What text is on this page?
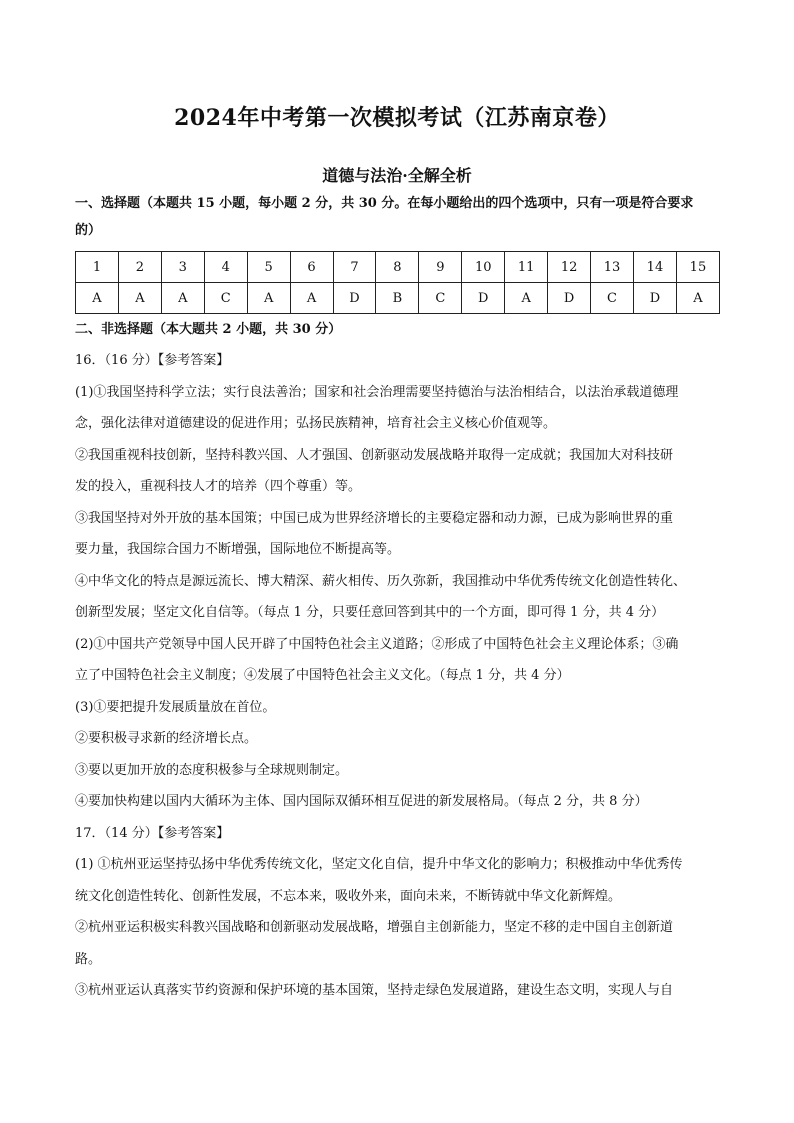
2024年中考第一次模拟考试（江苏南京卷）
道德与法治·全解全析

一、选择题（本题共 15 小题，每小题 2 分，共 30 分。在每小题给出的四个选项中，只有一项是符合要求

的）

1	2	3	4	5	6	7	8	9	10	11	12	13	14	15
A	A	A	C	A	A	D	B	C	D	A	D	C	D	A

二、非选择题（本大题共 2 小题，共 30 分）

16．（16 分）【参考答案】

(1)①我国坚持科学立法；实行良法善治；国家和社会治理需要坚持德治与法治相结合，以法治承载道德理

念，强化法律对道德建设的促进作用；弘扬民族精神，培育社会主义核心价值观等。

②我国重视科技创新，坚持科教兴国、人才强国、创新驱动发展战略并取得一定成就；我国加大对科技研

发的投入，重视科技人才的培养（四个尊重）等。

③我国坚持对外开放的基本国策；中国已成为世界经济增长的主要稳定器和动力源，已成为影响世界的重

要力量，我国综合国力不断增强，国际地位不断提高等。

④中华文化的特点是源远流长、博大精深、薪火相传、历久弥新，我国推动中华优秀传统文化创造性转化、

创新型发展；坚定文化自信等。（每点 1 分，只要任意回答到其中的一个方面，即可得 1 分，共 4 分）

(2)①中国共产党领导中国人民开辟了中国特色社会主义道路；②形成了中国特色社会主义理论体系；③确

立了中国特色社会主义制度；④发展了中国特色社会主义文化。（每点 1 分，共 4 分）

(3)①要把提升发展质量放在首位。

②要积极寻求新的经济增长点。

③要以更加开放的态度积极参与全球规则制定。

④要加快构建以国内大循环为主体、国内国际双循环相互促进的新发展格局。（每点 2 分，共 8 分）

17．（14 分）【参考答案】

(1) ①杭州亚运坚持弘扬中华优秀传统文化，坚定文化自信，提升中华文化的影响力；积极推动中华优秀传

统文化创造性转化、创新性发展，不忘本来，吸收外来，面向未来，不断铸就中华文化新辉煌。

②杭州亚运积极实科教兴国战略和创新驱动发展战略，增强自主创新能力，坚定不移的走中国自主创新道

路。

③杭州亚运认真落实节约资源和保护环境的基本国策，坚持走绿色发展道路，建设生态文明，实现人与自
